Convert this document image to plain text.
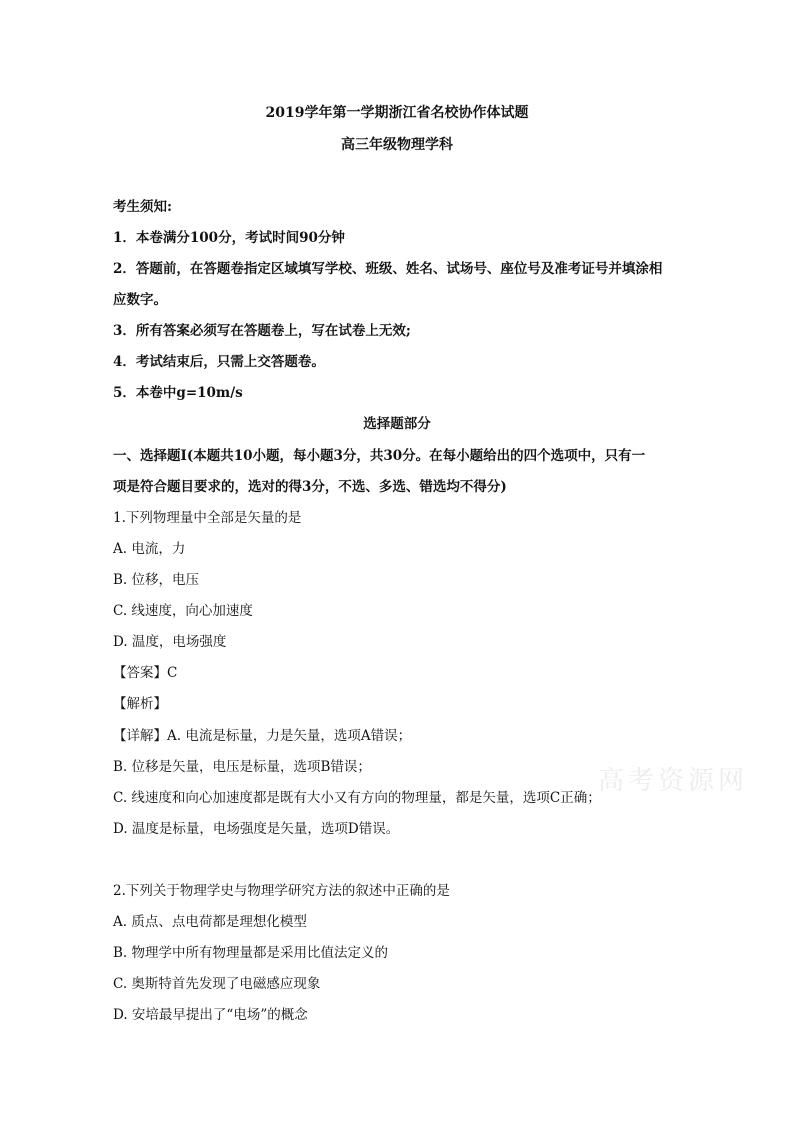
2019学年第一学期浙江省名校协作体试题
高三年级物理学科
考生须知:
1．本卷满分100分，考试时间90分钟
2．答题前，在答题卷指定区域填写学校、班级、姓名、试场号、座位号及准考证号并填涂相
应数字。
3．所有答案必须写在答题卷上，写在试卷上无效;
4．考试结束后，只需上交答题卷。
5．本卷中g=10m/s
选择题部分
一、选择题I(本题共10小题，每小题3分，共30分。在每小题给出的四个选项中，只有一
项是符合题目要求的，选对的得3分，不选、多选、错选均不得分)
1.下列物理量中全部是矢量的是
A. 电流，力
B. 位移，电压
C. 线速度，向心加速度
D. 温度，电场强度
【答案】C
【解析】
【详解】A. 电流是标量，力是矢量，选项A错误；
B. 位移是矢量，电压是标量，选项B错误；
C. 线速度和向心加速度都是既有大小又有方向的物理量，都是矢量，选项C正确；
D. 温度是标量，电场强度是矢量，选项D错误。
2.下列关于物理学史与物理学研究方法的叙述中正确的是
A. 质点、点电荷都是理想化模型
B. 物理学中所有物理量都是采用比值法定义的
C. 奥斯特首先发现了电磁感应现象
D. 安培最早提出了“电场”的概念
高考资源网
